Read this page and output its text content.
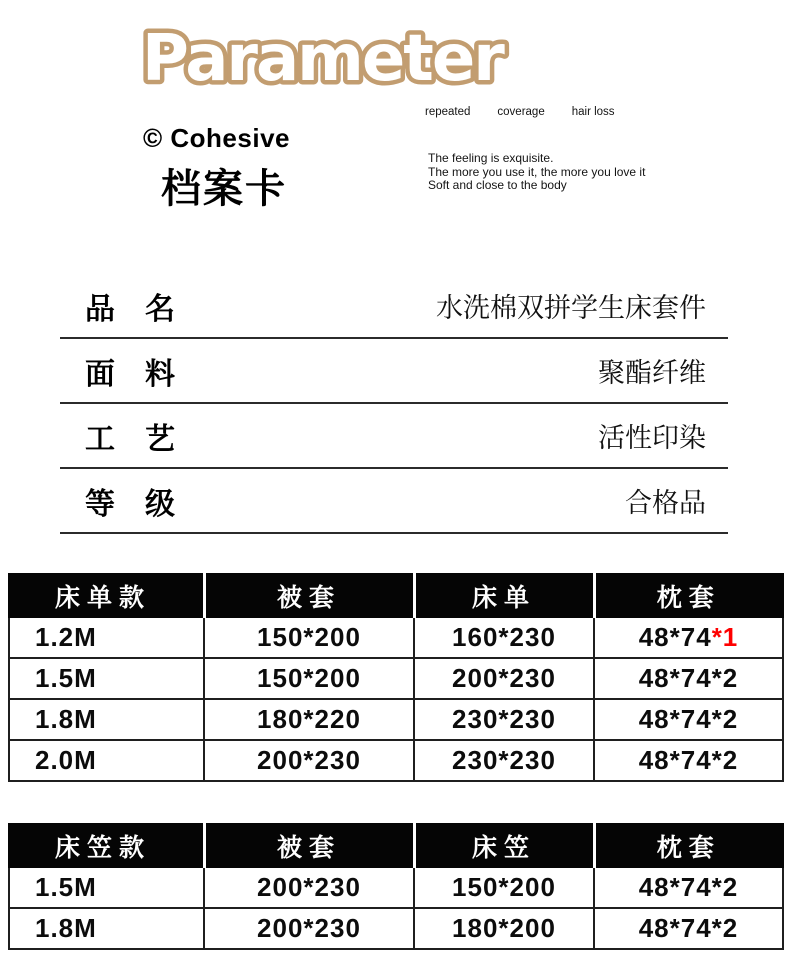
Parameter
© Cohesive
档案卡
repeated coverage hair loss
The feeling is exquisite.
The more you use it, the more you love it
Soft and close to the body
品　名	水洗棉双拼学生床套件
面　料	聚酯纤维
工　艺	活性印染
等　级	合格品
床单款	被套	床单	枕套
1.2M	150*200	160*230	48*74*1
1.5M	150*200	200*230	48*74*2
1.8M	180*220	230*230	48*74*2
2.0M	200*230	230*230	48*74*2
床笠款	被套	床笠	枕套
1.5M	200*230	150*200	48*74*2
1.8M	200*230	180*200	48*74*2
